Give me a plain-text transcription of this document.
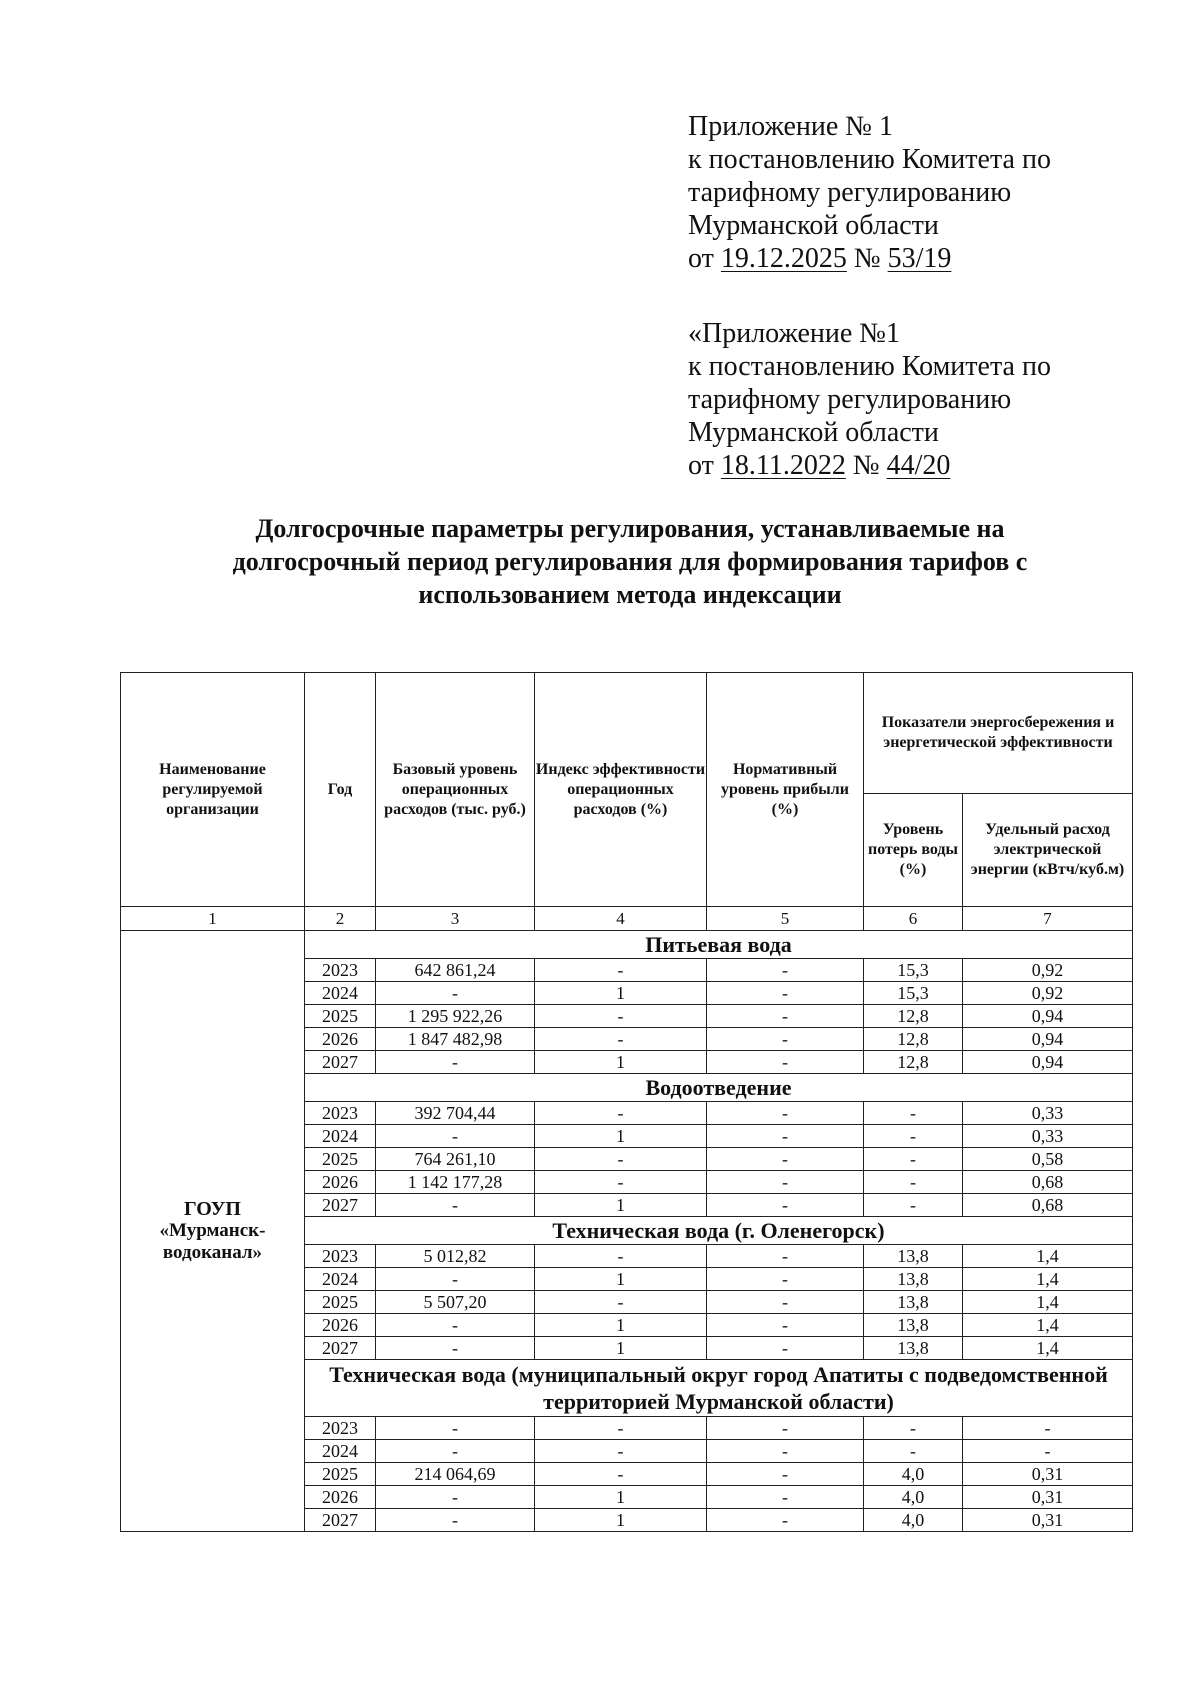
Приложение № 1
к постановлению Комитета по
тарифному регулированию
Мурманской области
от 19.12.2025 № 53/19
«Приложение №1
к постановлению Комитета по
тарифному регулированию
Мурманской области
от 18.11.2022 № 44/20
Долгосрочные параметры регулирования, устанавливаемые на
долгосрочный период регулирования для формирования тарифов с
использованием метода индексации
Наименование регулируемой организации	Год	Базовый уровень операционных расходов (тыс. руб.)	Индекс эффективности операционных расходов (%)	Нормативный уровень прибыли (%)	Показатели энергосбережения и энергетической эффективности	
					Уровень потерь воды (%)	Удельный расход электрической энергии (кВтч/куб.м)
1	2	3	4	5	6	7

ГОУП
«Мурманск-водоканал»	Питьевая вода					
	2023	642 861,24	-	-	15,3	0,92
	2024	-	1	-	15,3	0,92
	2025	1 295 922,26	-	-	12,8	0,94
	2026	1 847 482,98	-	-	12,8	0,94
	2027	-	1	-	12,8	0,94
	Водоотведение					
	2023	392 704,44	-	-	-	0,33
	2024	-	1	-	-	0,33
	2025	764 261,10	-	-	-	0,58
	2026	1 142 177,28	-	-	-	0,68
	2027	-	1	-	-	0,68
	Техническая вода (г. Оленегорск)					
	2023	5 012,82	-	-	13,8	1,4
	2024	-	1	-	13,8	1,4
	2025	5 507,20	-	-	13,8	1,4
	2026	-	1	-	13,8	1,4
	2027	-	1	-	13,8	1,4
	Техническая вода (муниципальный округ город Апатиты с подведомственной территорией Мурманской области)					
	2023	-	-	-	-	-
	2024	-	-	-	-	-
	2025	214 064,69	-	-	4,0	0,31
	2026	-	1	-	4,0	0,31
	2027	-	1	-	4,0	0,31
